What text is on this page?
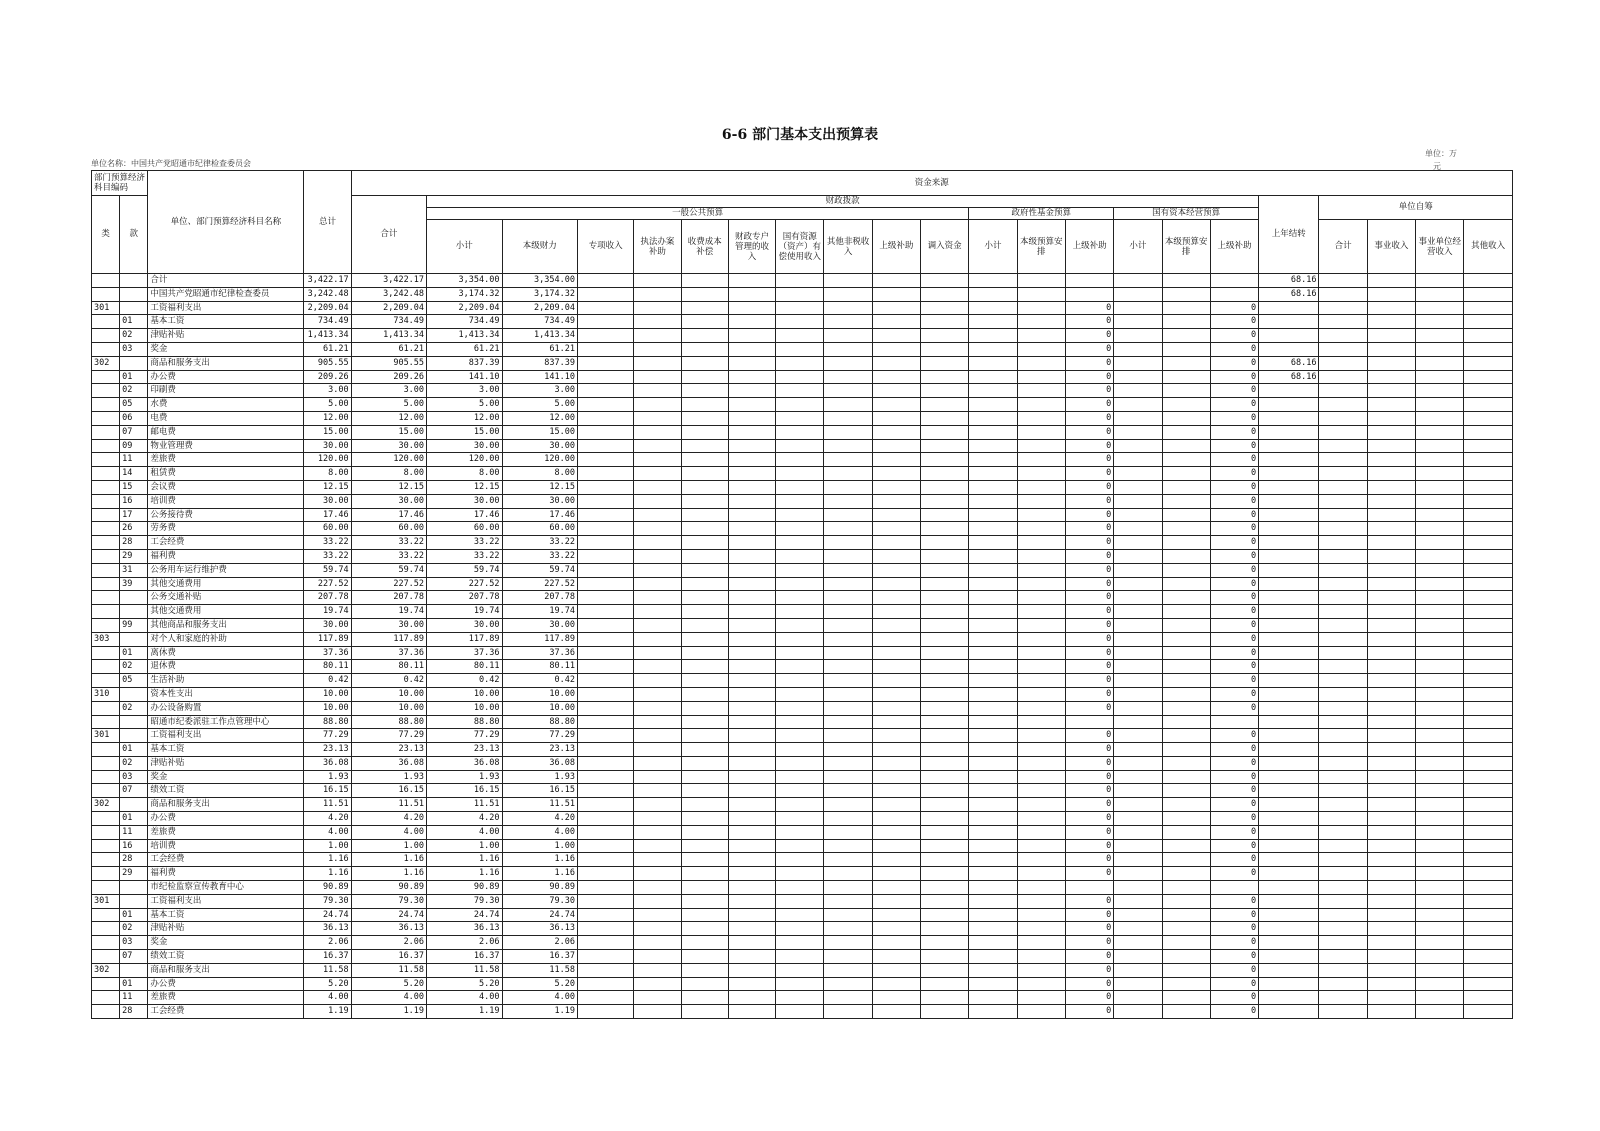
6-6 部门基本支出预算表
单位：万
元
单位名称：中国共产党昭通市纪律检查委员会
部门预算经济科目编码		单位、部门预算经济科目名称	总计	资金来源																					
类	款			合计	财政拨款																上年结转	单位自筹			
					一般公共预算										政府性基金预算			国有资本经营预算							
					小计	本级财力	专项收入	执法办案补助	收费成本补偿	财政专户管理的收入	国有资源（资产）有偿使用收入	其他非税收入	上级补助	调入资金	小计	本级预算安排	上级补助	小计	本级预算安排	上级补助		合计	事业收入	事业单位经营收入	其他收入
		合计	3,422.17	3,422.17	3,354.00	3,354.00															68.16				
		中国共产党昭通市纪律检查委员	3,242.48	3,242.48	3,174.32	3,174.32															68.16				
301		工资福利支出	2,209.04	2,209.04	2,209.04	2,209.04											0			0					
	01	基本工资	734.49	734.49	734.49	734.49											0			0					
	02	津贴补贴	1,413.34	1,413.34	1,413.34	1,413.34											0			0					
	03	奖金	61.21	61.21	61.21	61.21											0			0					
302		商品和服务支出	905.55	905.55	837.39	837.39											0			0	68.16				
	01	办公费	209.26	209.26	141.10	141.10											0			0	68.16				
	02	印刷费	3.00	3.00	3.00	3.00											0			0					
	05	水费	5.00	5.00	5.00	5.00											0			0					
	06	电费	12.00	12.00	12.00	12.00											0			0					
	07	邮电费	15.00	15.00	15.00	15.00											0			0					
	09	物业管理费	30.00	30.00	30.00	30.00											0			0					
	11	差旅费	120.00	120.00	120.00	120.00											0			0					
	14	租赁费	8.00	8.00	8.00	8.00											0			0					
	15	会议费	12.15	12.15	12.15	12.15											0			0					
	16	培训费	30.00	30.00	30.00	30.00											0			0					
	17	公务接待费	17.46	17.46	17.46	17.46											0			0					
	26	劳务费	60.00	60.00	60.00	60.00											0			0					
	28	工会经费	33.22	33.22	33.22	33.22											0			0					
	29	福利费	33.22	33.22	33.22	33.22											0			0					
	31	公务用车运行维护费	59.74	59.74	59.74	59.74											0			0					
	39	其他交通费用	227.52	227.52	227.52	227.52											0			0					
		公务交通补贴	207.78	207.78	207.78	207.78											0			0					
		其他交通费用	19.74	19.74	19.74	19.74											0			0					
	99	其他商品和服务支出	30.00	30.00	30.00	30.00											0			0					
303		对个人和家庭的补助	117.89	117.89	117.89	117.89											0			0					
	01	离休费	37.36	37.36	37.36	37.36											0			0					
	02	退休费	80.11	80.11	80.11	80.11											0			0					
	05	生活补助	0.42	0.42	0.42	0.42											0			0					
310		资本性支出	10.00	10.00	10.00	10.00											0			0					
	02	办公设备购置	10.00	10.00	10.00	10.00											0			0					
		昭通市纪委派驻工作点管理中心	88.80	88.80	88.80	88.80																			
301		工资福利支出	77.29	77.29	77.29	77.29											0			0					
	01	基本工资	23.13	23.13	23.13	23.13											0			0					
	02	津贴补贴	36.08	36.08	36.08	36.08											0			0					
	03	奖金	1.93	1.93	1.93	1.93											0			0					
	07	绩效工资	16.15	16.15	16.15	16.15											0			0					
302		商品和服务支出	11.51	11.51	11.51	11.51											0			0					
	01	办公费	4.20	4.20	4.20	4.20											0			0					
	11	差旅费	4.00	4.00	4.00	4.00											0			0					
	16	培训费	1.00	1.00	1.00	1.00											0			0					
	28	工会经费	1.16	1.16	1.16	1.16											0			0					
	29	福利费	1.16	1.16	1.16	1.16											0			0					
		市纪检监察宣传教育中心	90.89	90.89	90.89	90.89																			
301		工资福利支出	79.30	79.30	79.30	79.30											0			0					
	01	基本工资	24.74	24.74	24.74	24.74											0			0					
	02	津贴补贴	36.13	36.13	36.13	36.13											0			0					
	03	奖金	2.06	2.06	2.06	2.06											0			0					
	07	绩效工资	16.37	16.37	16.37	16.37											0			0					
302		商品和服务支出	11.58	11.58	11.58	11.58											0			0					
	01	办公费	5.20	5.20	5.20	5.20											0			0					
	11	差旅费	4.00	4.00	4.00	4.00											0			0					
	28	工会经费	1.19	1.19	1.19	1.19											0			0					
